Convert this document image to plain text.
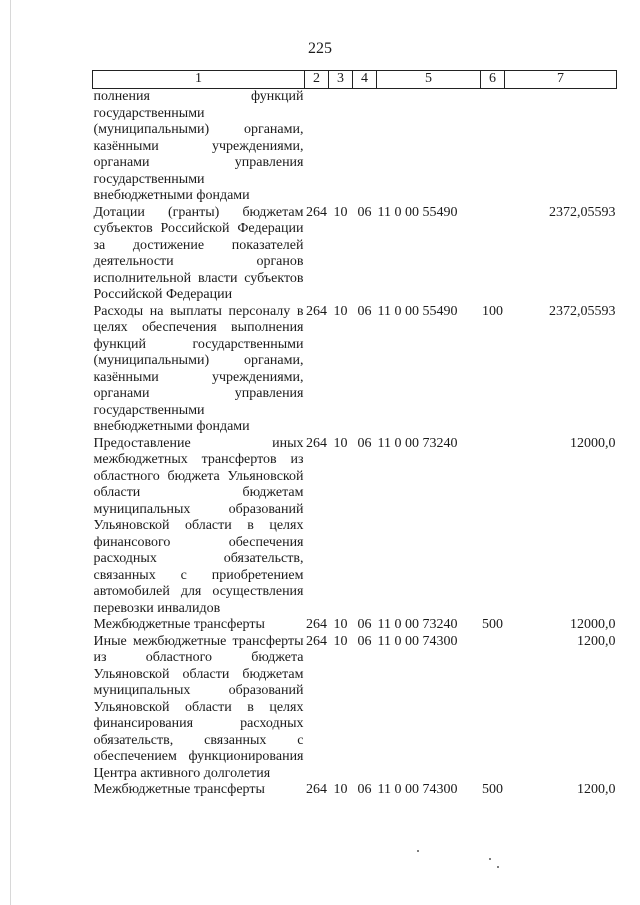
225
1	2	3	4	5	6	7
полнения функций государственными (муниципальными) органами, казёнными учреждениями, органами управления государственными внебюджетными фондами						
Дотации (гранты) бюджетам субъектов Российской Федерации за достижение показателей деятельности органов исполнительной власти субъектов Российской Федерации	264	10	06	11 0 00 55490		2372,05593
Расходы на выплаты персоналу в целях обеспечения выполнения функций государственными (муниципальными) органами, казёнными учреждениями, органами управления государственными внебюджетными фондами	264	10	06	11 0 00 55490	100	2372,05593
Предоставление иных межбюджетных трансфертов из областного бюджета Ульяновской области бюджетам муниципальных образований Ульяновской области в целях финансового обеспечения расходных обязательств, связанных с приобретением автомобилей для осуществления перевозки инвалидов	264	10	06	11 0 00 73240		12000,0
Межбюджетные трансферты	264	10	06	11 0 00 73240	500	12000,0
Иные межбюджетные трансферты из областного бюджета Ульяновской области бюджетам муниципальных образований Ульяновской области в целях финансирования расходных обязательств, связанных с обеспечением функционирования Центра активного долголетия	264	10	06	11 0 00 74300		1200,0
Межбюджетные трансферты	264	10	06	11 0 00 74300	500	1200,0
